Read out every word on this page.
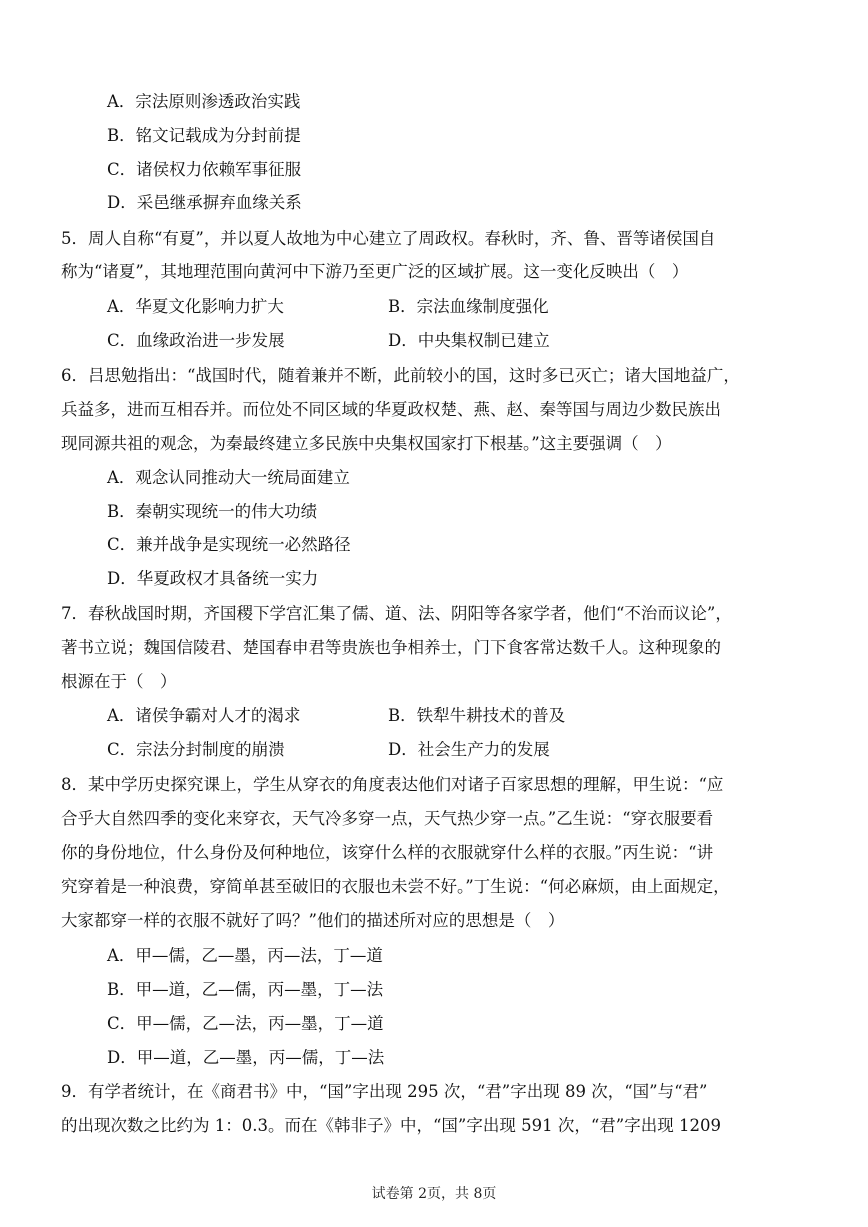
A．宗法原则渗透政治实践
B．铭文记载成为分封前提
C．诸侯权力依赖军事征服
D．采邑继承摒弃血缘关系
5．周人自称“有夏”，并以夏人故地为中心建立了周政权。春秋时，齐、鲁、晋等诸侯国自
称为“诸夏”，其地理范围向黄河中下游乃至更广泛的区域扩展。这一变化反映出（　）
A．华夏文化影响力扩大	B．宗法血缘制度强化
C．血缘政治进一步发展	D．中央集权制已建立
6．吕思勉指出：“战国时代，随着兼并不断，此前较小的国，这时多已灭亡；诸大国地益广，
兵益多，进而互相吞并。而位处不同区域的华夏政权楚、燕、赵、秦等国与周边少数民族出
现同源共祖的观念，为秦最终建立多民族中央集权国家打下根基。”这主要强调（　）
A．观念认同推动大一统局面建立
B．秦朝实现统一的伟大功绩
C．兼并战争是实现统一必然路径
D．华夏政权才具备统一实力
7．春秋战国时期，齐国稷下学宫汇集了儒、道、法、阴阳等各家学者，他们“不治而议论”，
著书立说；魏国信陵君、楚国春申君等贵族也争相养士，门下食客常达数千人。这种现象的
根源在于（　）
A．诸侯争霸对人才的渴求	B．铁犁牛耕技术的普及
C．宗法分封制度的崩溃	D．社会生产力的发展
8．某中学历史探究课上，学生从穿衣的角度表达他们对诸子百家思想的理解，甲生说：“应
合乎大自然四季的变化来穿衣，天气冷多穿一点，天气热少穿一点。”乙生说：“穿衣服要看
你的身份地位，什么身份及何种地位，该穿什么样的衣服就穿什么样的衣服。”丙生说：“讲
究穿着是一种浪费，穿简单甚至破旧的衣服也未尝不好。”丁生说：“何必麻烦，由上面规定，
大家都穿一样的衣服不就好了吗？”他们的描述所对应的思想是（　）
A．甲—儒，乙—墨，丙—法，丁—道
B．甲—道，乙—儒，丙—墨，丁—法
C．甲—儒，乙—法，丙—墨，丁—道
D．甲—道，乙—墨，丙—儒，丁—法
9．有学者统计，在《商君书》中，“国”字出现 295 次，“君”字出现 89 次，“国”与“君”
的出现次数之比约为 1：0.3。而在《韩非子》中，“国”字出现 591 次，“君”字出现 1209
试卷第 2页，共 8页
